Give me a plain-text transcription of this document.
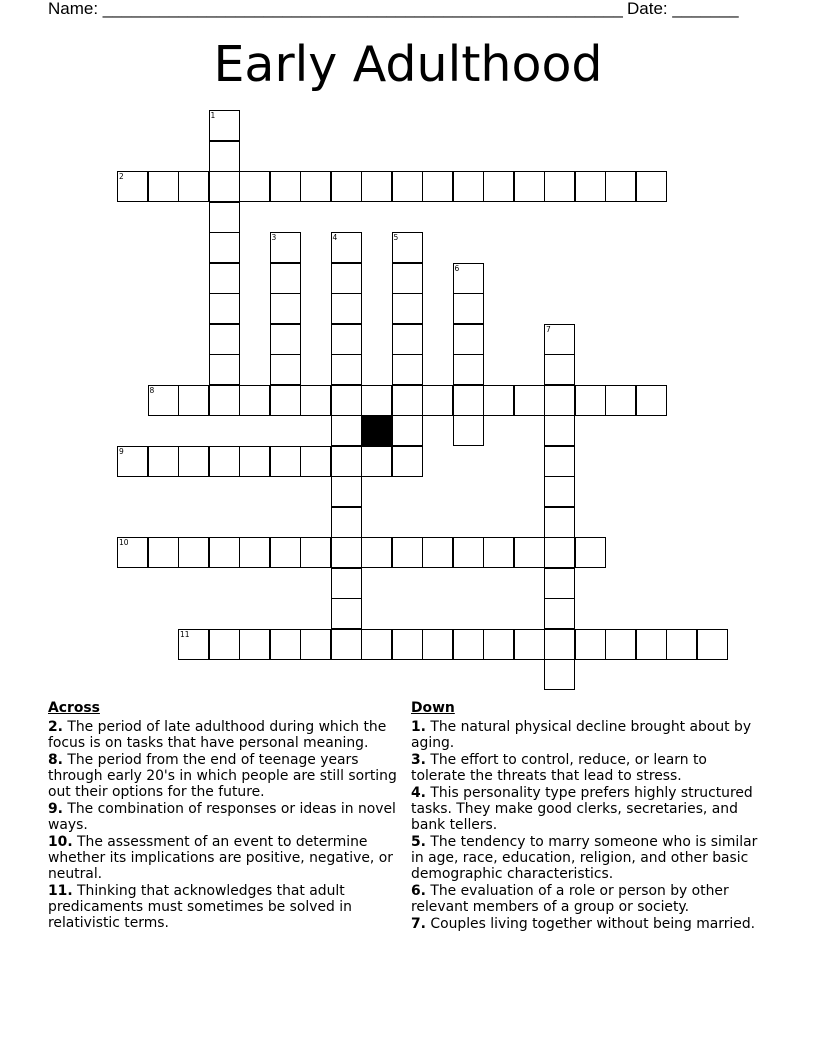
Name: _______________________________________________________ Date: _______
Early Adulthood
1
2
3	4	5
6
7
8
9
10
11
Across
2. The period of late adulthood during which the focus is on tasks that have personal meaning.
8. The period from the end of teenage years through early 20's in which people are still sorting out their options for the future.
9. The combination of responses or ideas in novel ways.
10. The assessment of an event to determine whether its implications are positive, negative, or neutral.
11. Thinking that acknowledges that adult predicaments must sometimes be solved in relativistic terms.
Down
1. The natural physical decline brought about by aging.
3. The effort to control, reduce, or learn to tolerate the threats that lead to stress.
4. This personality type prefers highly structured tasks. They make good clerks, secretaries, and bank tellers.
5. The tendency to marry someone who is similar in age, race, education, religion, and other basic demographic characteristics.
6. The evaluation of a role or person by other relevant members of a group or society.
7. Couples living together without being married.
